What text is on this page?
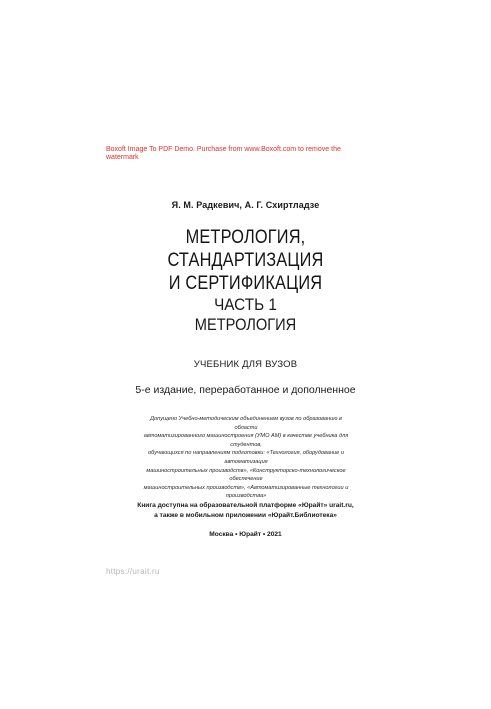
Boxoft Image To PDF Demo. Purchase from www.Boxoft.com to remove the watermark
Я. М. Радкевич, А. Г. Схиртладзе
МЕТРОЛОГИЯ,
СТАНДАРТИЗАЦИЯ
И СЕРТИФИКАЦИЯ
ЧАСТЬ 1
МЕТРОЛОГИЯ
УЧЕБНИК ДЛЯ ВУЗОВ
5-е издание, переработанное и дополненное
Допущено Учебно-методическим объединением вузов по образованию в области
автоматизированного машиностроения (УМО АМ) в качестве учебника для студентов,
обучающихся по направлениям подготовки: «Технология, оборудование и автоматизация
машиностроительных производств», «Конструкторско-технологическое обеспечение
машиностроительных производств», «Автоматизированные технологии и производства»
Книга доступна на образовательной платформе «Юрайт» urait.ru,
а также в мобильном приложении «Юрайт.Библиотека»
Москва • Юрайт • 2021
https://urait.ru
